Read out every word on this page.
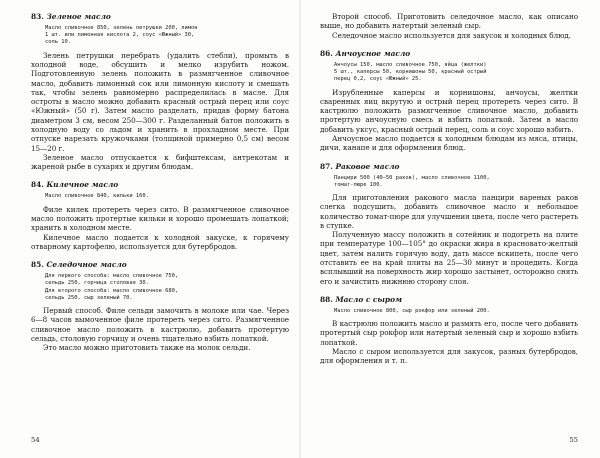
83. Зеленое масло
Масло сливочное 850, зелень петрушки 200, лимон
1 шт. или лимонная кислота 2, соус «Южный» 30,
соль 10.

Зелень петрушки перебрать (удалить стебли), промыть в холодной воде, обсушить и мелко изрубить ножом. Подготовленную зелень положить в размягченное сливочное масло, добавить лимонный сок или лимонную кислоту и смешать так, чтобы зелень равномерно распределилась в масле. Для остроты в масло можно добавить красный острый перец или соус «Южный» (50 г). Затем масло разделать, придав форму батона диаметром 3 см, весом 250—300 г. Разделанный батон положить в холодную воду со льдом и хранить в прохладном месте. При отпуске нарезать кружочками (толщиной примерно 0,5 см) весом 15—20 г.

Зеленое масло отпускается к бифштексам, антрекотам и жареной рыбе в сухарях и другим блюдам.

84. Килечное масло
Масло сливочное 840, кильки 160.

Филе килек протереть через сито. В размягченное сливочное масло положить протертые кильки и хорошо промешать лопаткой; хранить в холодном месте.

Килечное масло подается к холодной закуске, к горячему отварному картофелю, используется для бутербродов.

85. Селедочное масло
Для первого способа: масло сливочное 750,
сельдь 250, горчица столовая 30.
Для второго способа: масло сливочное 680,
сельдь 250, сыр зеленый 70.

Первый способ. Филе сельди замочить в молоке или чае. Через 6—8 часов вымоченное филе протереть через сито. Размягченное сливочное масло положить в кастрюлю, добавить протертую сельдь, столовую горчицу и очень тщательно взбить лопаткой.

Это масло можно приготовить также на молок сельди.

54

Второй способ. Приготовить селедочное масло, как описано выше, но добавить натертый зеленый сыр.

Селедочное масло используется для закусок и холодных блюд.

86. Анчоусное масло
Анчоусы 150, масло сливочное 750, яйца (желтки)
5 шт., каперсы 50, корнишоны 50, красный острый
перец 0,2, соус «Южный» 25.

Изрубленные каперсы и корнишоны, анчоусы, желтки сваренных яиц вкрутую и острый перец протереть через сито. В кастрюлю положить размягченное сливочное масло, добавить протертую анчоусную смесь и взбить лопаткой. Затем в масло добавить уксус, красный острый перец, соль и соус хорошо взбить.

Анчоусное масло подается к холодным блюдам из мяса, птицы, дичи, канапе и для оформления блюд.

87. Раковое масло
Панцири 500 (40—50 раков), масло сливочное 1100,
томат-пюре 100.

Для приготовления ракового масла панцири вареных раков слегка подсушить, добавить сливочное масло и небольшое количество томат-пюре для улучшения цвета, после чего растереть в ступке.

Полученную массу положить в сотейник и подогреть на плите при температуре 100—105° до окраски жира в красновато-желтый цвет, затем налить горячую воду, дать массе вскипеть, после чего отставить ее на край плиты на 25—30 минут и процедить. Когда всплывший на поверхность жир хорошо застынет, осторожно снять его и зачистить нижнюю сторону слоя.

88. Масло с сыром
Масло сливочное 800, сыр рокфор или зеленый 200.

В кастрюлю положить масло и размять его, после чего добавить протертый сыр рокфор или натертый зеленый сыр и хорошо взбить лопаткой.

Масло с сыром используется для закусок, разных бутербродов, для оформления и т. п.

55
